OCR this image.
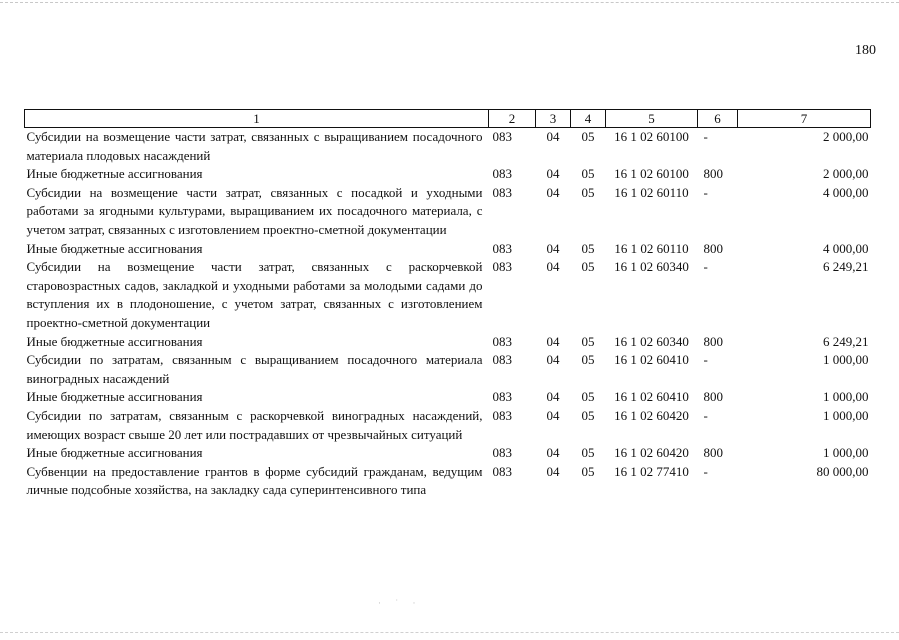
180
1	2	3	4	5	6	7
Субсидии на возмещение части затрат, связанных с выращиванием посадочного материала плодовых насаждений	083	04	05	16 1 02 60100	-	2 000,00
Иные бюджетные ассигнования	083	04	05	16 1 02 60100	800	2 000,00
Субсидии на возмещение части затрат, связанных с посадкой и уходными работами за ягодными культурами, выращиванием их посадочного материала, с учетом затрат, связанных с изготовлением проектно-сметной документации	083	04	05	16 1 02 60110	-	4 000,00
Иные бюджетные ассигнования	083	04	05	16 1 02 60110	800	4 000,00
Субсидии на возмещение части затрат, связанных с раскорчевкой старовозрастных садов, закладкой и уходными работами за молодыми садами до вступления их в плодоношение, с учетом затрат, связанных с изготовлением проектно-сметной документации	083	04	05	16 1 02 60340	-	6 249,21
Иные бюджетные ассигнования	083	04	05	16 1 02 60340	800	6 249,21
Субсидии по затратам, связанным с выращиванием посадочного материала виноградных насаждений	083	04	05	16 1 02 60410	-	1 000,00
Иные бюджетные ассигнования	083	04	05	16 1 02 60410	800	1 000,00
Субсидии по затратам, связанным с раскорчевкой виноградных насаждений, имеющих возраст свыше 20 лет или пострадавших от чрезвычайных ситуаций	083	04	05	16 1 02 60420	-	1 000,00
Иные бюджетные ассигнования	083	04	05	16 1 02 60420	800	1 000,00
Субвенции на предоставление грантов в форме субсидий гражданам, ведущим личные подсобные хозяйства, на закладку сада суперинтенсивного типа	083	04	05	16 1 02 77410	-	80 000,00
· ˙ ·
